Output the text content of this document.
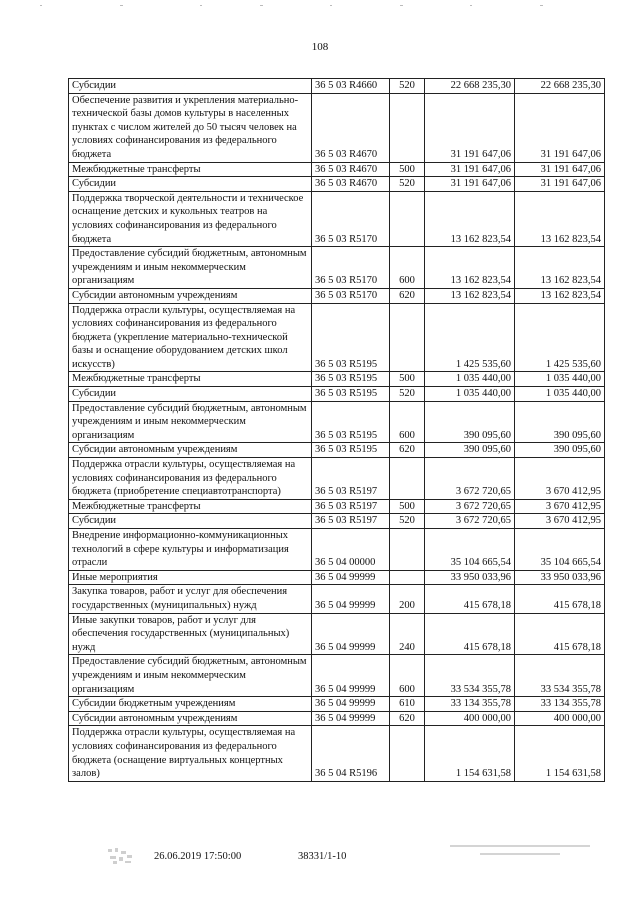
108
Субсидии	36 5 03 R4660	520	22 668 235,30	22 668 235,30
Обеспечение развития и укрепления материально-технической базы домов культуры в населенных пунктах с числом жителей до 50 тысяч человек на условиях софинансирования из федерального бюджета	36 5 03 R4670		31 191 647,06	31 191 647,06
Межбюджетные трансферты	36 5 03 R4670	500	31 191 647,06	31 191 647,06
Субсидии	36 5 03 R4670	520	31 191 647,06	31 191 647,06
Поддержка творческой деятельности и техническое оснащение детских и кукольных театров на условиях софинансирования из федерального бюджета	36 5 03 R5170		13 162 823,54	13 162 823,54
Предоставление субсидий бюджетным, автономным учреждениям и иным некоммерческим организациям	36 5 03 R5170	600	13 162 823,54	13 162 823,54
Субсидии автономным учреждениям	36 5 03 R5170	620	13 162 823,54	13 162 823,54
Поддержка отрасли культуры, осуществляемая на условиях софинансирования из федерального бюджета (укрепление материально-технической базы и оснащение оборудованием детских школ искусств)	36 5 03 R5195		1 425 535,60	1 425 535,60
Межбюджетные трансферты	36 5 03 R5195	500	1 035 440,00	1 035 440,00
Субсидии	36 5 03 R5195	520	1 035 440,00	1 035 440,00
Предоставление субсидий бюджетным, автономным учреждениям и иным некоммерческим организациям	36 5 03 R5195	600	390 095,60	390 095,60
Субсидии автономным учреждениям	36 5 03 R5195	620	390 095,60	390 095,60
Поддержка отрасли культуры, осуществляемая на условиях софинансирования из федерального бюджета (приобретение специавтотранспорта)	36 5 03 R5197		3 672 720,65	3 670 412,95
Межбюджетные трансферты	36 5 03 R5197	500	3 672 720,65	3 670 412,95
Субсидии	36 5 03 R5197	520	3 672 720,65	3 670 412,95
Внедрение информационно-коммуникационных технологий в сфере культуры и информатизация отрасли	36 5 04 00000		35 104 665,54	35 104 665,54
Иные мероприятия	36 5 04 99999		33 950 033,96	33 950 033,96
Закупка товаров, работ и услуг для обеспечения государственных (муниципальных) нужд	36 5 04 99999	200	415 678,18	415 678,18
Иные закупки товаров, работ и услуг для обеспечения государственных (муниципальных) нужд	36 5 04 99999	240	415 678,18	415 678,18
Предоставление субсидий бюджетным, автономным учреждениям и иным некоммерческим организациям	36 5 04 99999	600	33 534 355,78	33 534 355,78
Субсидии бюджетным учреждениям	36 5 04 99999	610	33 134 355,78	33 134 355,78
Субсидии автономным учреждениям	36 5 04 99999	620	400 000,00	400 000,00
Поддержка отрасли культуры, осуществляемая на условиях софинансирования из федерального бюджета (оснащение виртуальных концертных залов)	36 5 04 R5196		1 154 631,58	1 154 631,58
26.06.2019 17:50:00	38331/1-10
